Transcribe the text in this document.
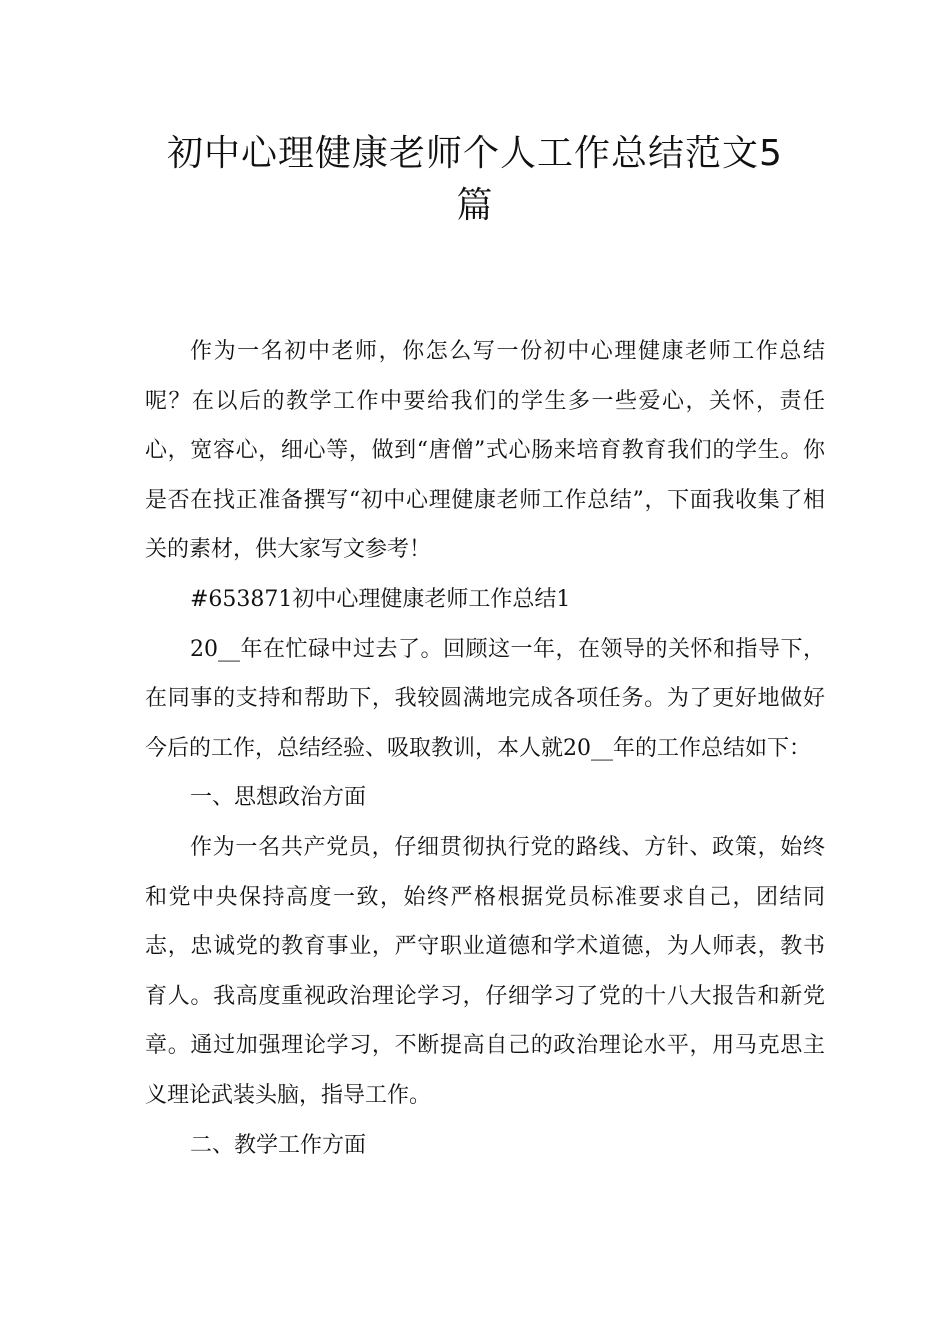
初中心理健康老师个人工作总结范文5
篇

作为一名初中老师，你怎么写一份初中心理健康老师工作总结呢？在以后的教学工作中要给我们的学生多一些爱心，关怀，责任心，宽容心，细心等，做到“唐僧”式心肠来培育教育我们的学生。你是否在找正准备撰写“初中心理健康老师工作总结”，下面我收集了相关的素材，供大家写文参考！

#653871初中心理健康老师工作总结1

20__年在忙碌中过去了。回顾这一年，在领导的关怀和指导下，在同事的支持和帮助下，我较圆满地完成各项任务。为了更好地做好今后的工作，总结经验、吸取教训，本人就20__年的工作总结如下：

一、思想政治方面

作为一名共产党员，仔细贯彻执行党的路线、方针、政策，始终和党中央保持高度一致，始终严格根据党员标准要求自己，团结同志，忠诚党的教育事业，严守职业道德和学术道德，为人师表，教书育人。我高度重视政治理论学习，仔细学习了党的十八大报告和新党章。通过加强理论学习，不断提高自己的政治理论水平，用马克思主义理论武装头脑，指导工作。

二、教学工作方面
